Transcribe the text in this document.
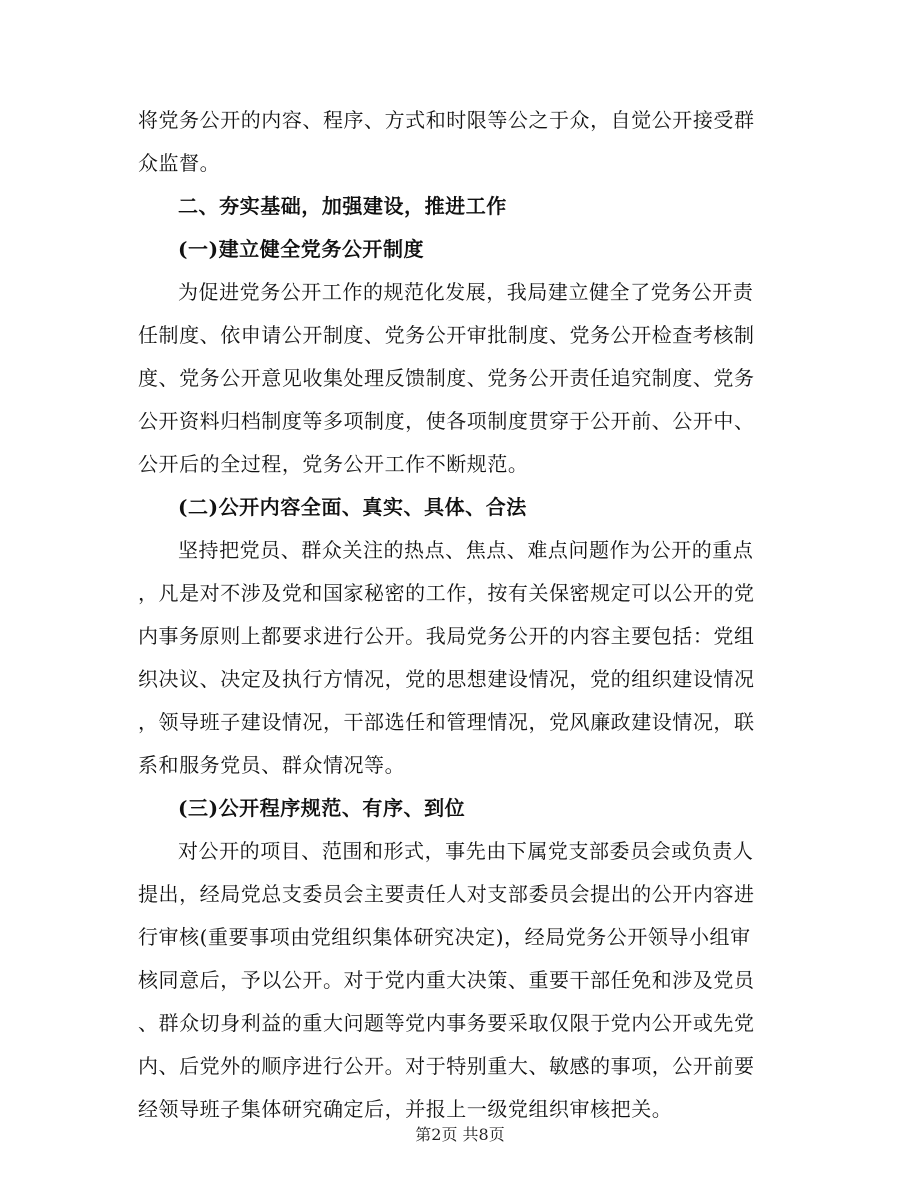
将党务公开的内容、程序、方式和时限等公之于众，自觉公开接受群
众监督。
二、夯实基础，加强建设，推进工作
(一)建立健全党务公开制度
为促进党务公开工作的规范化发展，我局建立健全了党务公开责
任制度、依申请公开制度、党务公开审批制度、党务公开检查考核制
度、党务公开意见收集处理反馈制度、党务公开责任追究制度、党务
公开资料归档制度等多项制度，使各项制度贯穿于公开前、公开中、
公开后的全过程，党务公开工作不断规范。
(二)公开内容全面、真实、具体、合法
坚持把党员、群众关注的热点、焦点、难点问题作为公开的重点
，凡是对不涉及党和国家秘密的工作，按有关保密规定可以公开的党
内事务原则上都要求进行公开。我局党务公开的内容主要包括：党组
织决议、决定及执行方情况，党的思想建设情况，党的组织建设情况
，领导班子建设情况，干部选任和管理情况，党风廉政建设情况，联
系和服务党员、群众情况等。
(三)公开程序规范、有序、到位
对公开的项目、范围和形式，事先由下属党支部委员会或负责人
提出，经局党总支委员会主要责任人对支部委员会提出的公开内容进
行审核(重要事项由党组织集体研究决定)，经局党务公开领导小组审
核同意后，予以公开。对于党内重大决策、重要干部任免和涉及党员
、群众切身利益的重大问题等党内事务要采取仅限于党内公开或先党
内、后党外的顺序进行公开。对于特别重大、敏感的事项，公开前要
经领导班子集体研究确定后，并报上一级党组织审核把关。
第2页 共8页
